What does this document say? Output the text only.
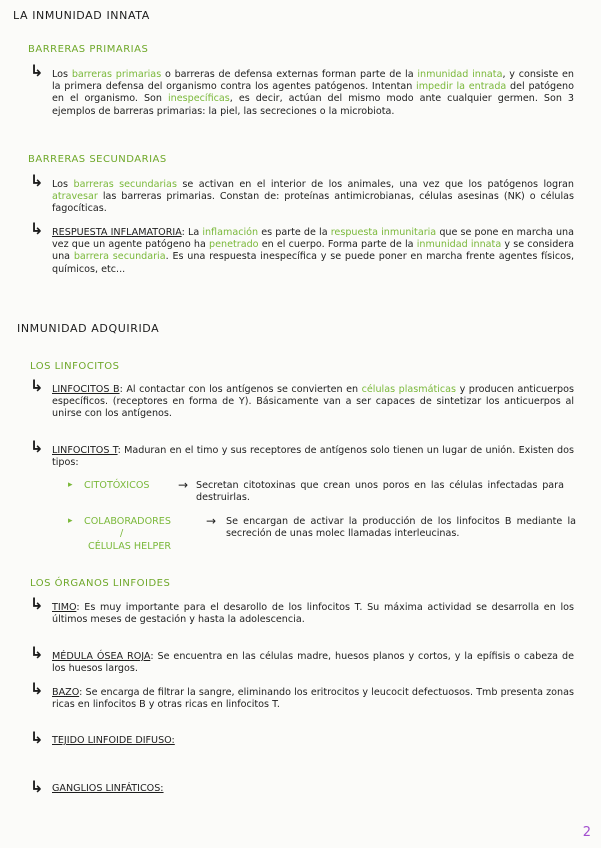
LA INMUNIDAD INNATA
BARRERAS PRIMARIAS
↳ Los barreras primarias o barreras de defensa externas forman parte de la inmunidad innata, y consiste en la primera defensa del organismo contra los agentes patógenos. Intentan impedir la entrada del patógeno en el organismo. Son inespecíficas, es decir, actúan del mismo modo ante cualquier germen. Son 3 ejemplos de barreras primarias: la piel, las secreciones o la microbiota.
BARRERAS SECUNDARIAS
↳ Los barreras secundarias se activan en el interior de los animales, una vez que los patógenos logran atravesar las barreras primarias. Constan de: proteínas antimicrobianas, células asesinas (NK) o células fagocíticas.
↳ RESPUESTA INFLAMATORIA: La inflamación es parte de la respuesta inmunitaria que se pone en marcha una vez que un agente patógeno ha penetrado en el cuerpo. Forma parte de la inmunidad innata y se considera una barrera secundaria. Es una respuesta inespecífica y se puede poner en marcha frente agentes físicos, químicos, etc...
INMUNIDAD ADQUIRIDA
LOS LINFOCITOS
↳ LINFOCITOS B: Al contactar con los antígenos se convierten en células plasmáticas y producen anticuerpos específicos. (receptores en forma de Y). Básicamente van a ser capaces de sintetizar los anticuerpos al unirse con los antígenos.
↳ LINFOCITOS T: Maduran en el timo y sus receptores de antígenos solo tienen un lugar de unión. Existen dos tipos:
▸ CITOTÓXICOS → Secretan citotoxinas que crean unos poros en las células infectadas para destruirlas.
▸ COLABORADORES
/
CÉLULAS HELPER
→ Se encargan de activar la producción de los linfocitos B mediante la secreción de unas molec llamadas interleucinas.
LOS ÓRGANOS LINFOIDES
↳ TIMO: Es muy importante para el desarollo de los linfocitos T. Su máxima actividad se desarrolla en los últimos meses de gestación y hasta la adolescencia.
↳ MÉDULA ÓSEA ROJA: Se encuentra en las células madre, huesos planos y cortos, y la epífisis o cabeza de los huesos largos.
↳ BAZO: Se encarga de filtrar la sangre, eliminando los eritrocitos y leucocit defectuosos. Tmb presenta zonas ricas en linfocitos B y otras ricas en linfocitos T.
↳ TEJIDO LINFOIDE DIFUSO:
↳ GANGLIOS LINFÁTICOS:
2
